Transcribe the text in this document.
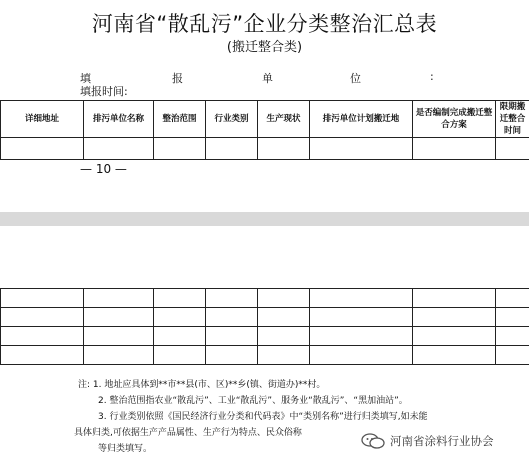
河南省“散乱污”企业分类整治汇总表
(搬迁整合类)
填	报	单	位	:
填报时间:
详细地址	排污单位名称	整治范围	行业类别	生产现状	排污单位计划搬迁地	是否编制完成搬迁整合方案	限期搬迁整合时间

— 10 —

注: 1. 地址应具体到**市**县(市、区)**乡(镇、街道办)**村。
2. 整治范围指农业“散乱污”、工业“散乱污”、服务业“散乱污”、“黑加油站”。
3. 行业类别依照《国民经济行业分类和代码表》中“类别名称”进行归类填写,如未能
具体归类,可依据生产产品属性、生产行为特点、民众俗称
等归类填写。
河南省涂料行业协会
